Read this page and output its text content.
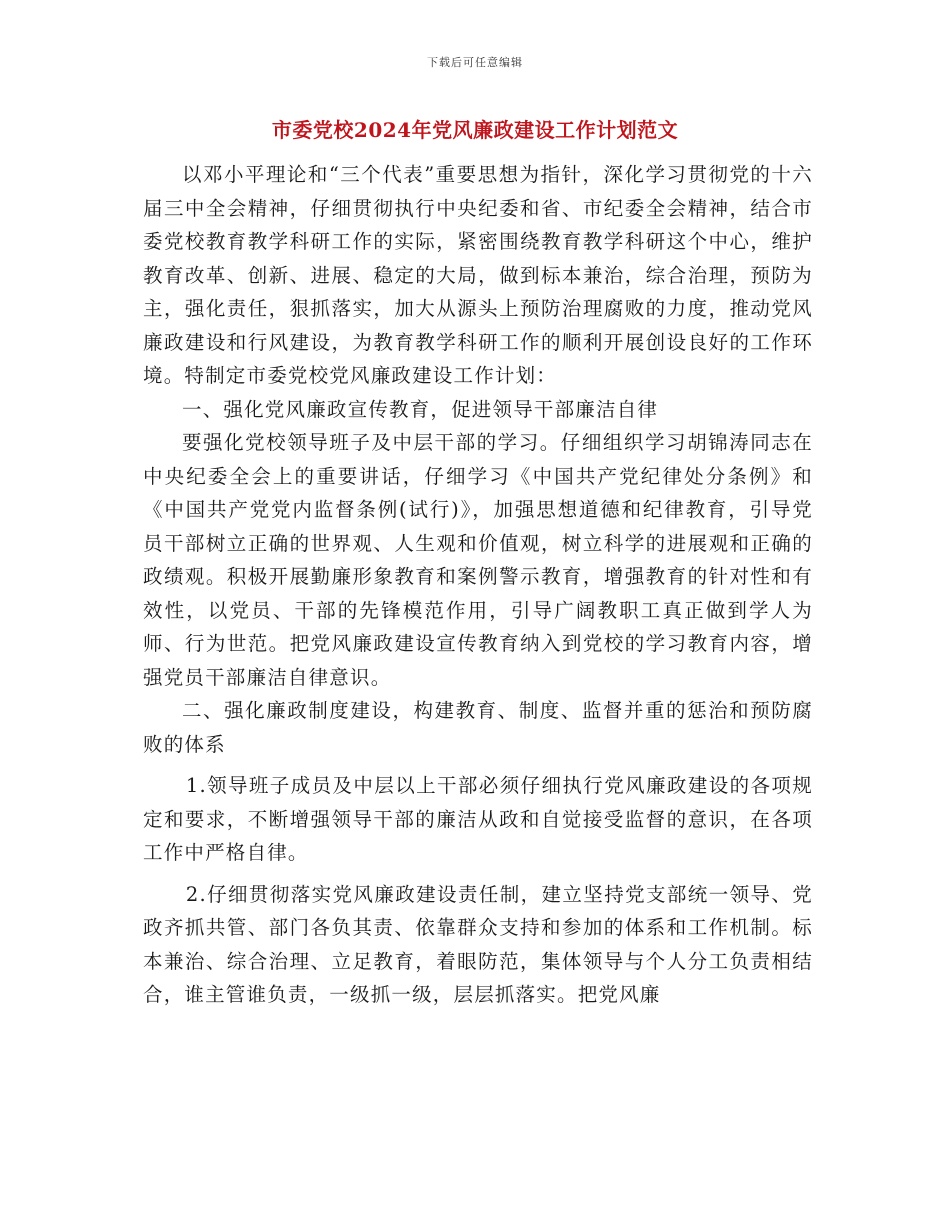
下载后可任意编辑
市委党校2024年党风廉政建设工作计划范文

以邓小平理论和“三个代表”重要思想为指针，深化学习贯彻党的十六届三中全会精神，仔细贯彻执行中央纪委和省、市纪委全会精神，结合市委党校教育教学科研工作的实际，紧密围绕教育教学科研这个中心，维护教育改革、创新、进展、稳定的大局，做到标本兼治，综合治理，预防为主，强化责任，狠抓落实，加大从源头上预防治理腐败的力度，推动党风廉政建设和行风建设，为教育教学科研工作的顺利开展创设良好的工作环境。特制定市委党校党风廉政建设工作计划：

一、强化党风廉政宣传教育，促进领导干部廉洁自律

要强化党校领导班子及中层干部的学习。仔细组织学习胡锦涛同志在中央纪委全会上的重要讲话，仔细学习《中国共产党纪律处分条例》和《中国共产党党内监督条例(试行)》，加强思想道德和纪律教育，引导党员干部树立正确的世界观、人生观和价值观，树立科学的进展观和正确的政绩观。积极开展勤廉形象教育和案例警示教育，增强教育的针对性和有效性，以党员、干部的先锋模范作用，引导广阔教职工真正做到学人为师、行为世范。把党风廉政建设宣传教育纳入到党校的学习教育内容，增强党员干部廉洁自律意识。

二、强化廉政制度建设，构建教育、制度、监督并重的惩治和预防腐败的体系

1.领导班子成员及中层以上干部必须仔细执行党风廉政建设的各项规定和要求，不断增强领导干部的廉洁从政和自觉接受监督的意识，在各项工作中严格自律。

2.仔细贯彻落实党风廉政建设责任制，建立坚持党支部统一领导、党政齐抓共管、部门各负其责、依靠群众支持和参加的体系和工作机制。标本兼治、综合治理、立足教育，着眼防范，集体领导与个人分工负责相结合，谁主管谁负责，一级抓一级，层层抓落实。把党风廉
